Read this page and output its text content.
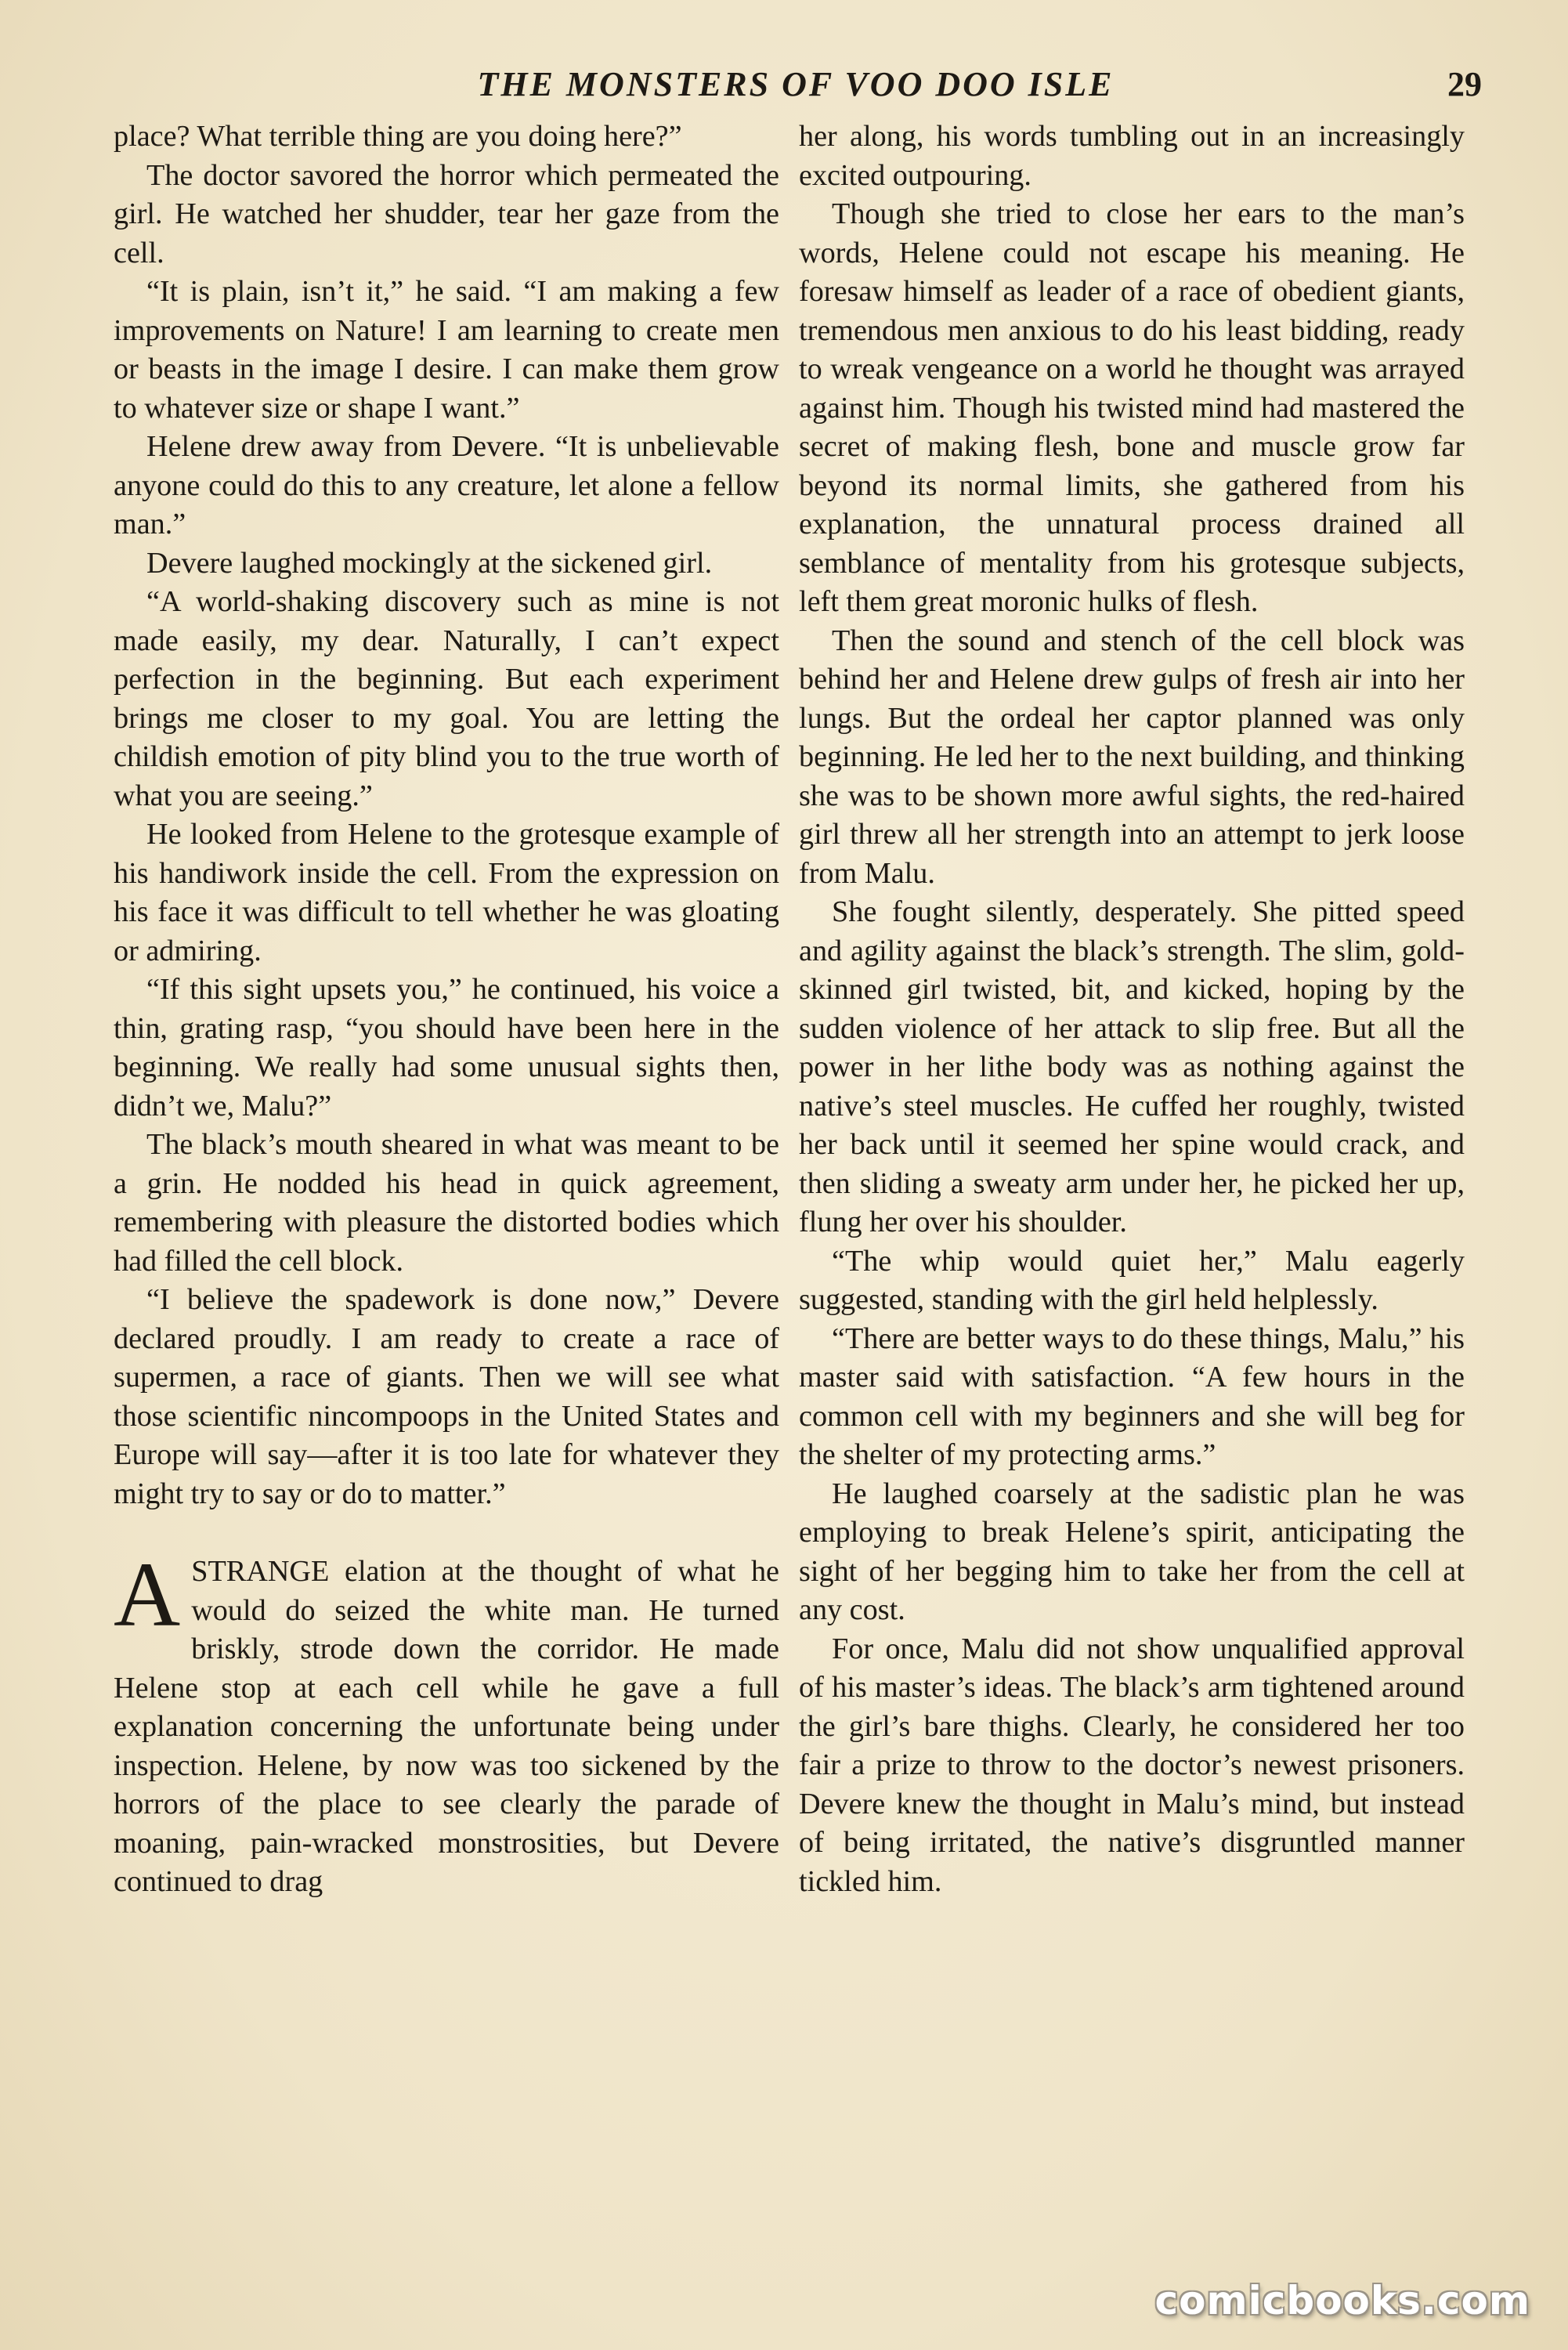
THE MONSTERS OF VOO DOO ISLE	29

place? What terrible thing are you doing here?”

The doctor savored the horror which permeated the girl. He watched her shudder, tear her gaze from the cell.

“It is plain, isn’t it,” he said. “I am making a few improvements on Nature! I am learning to create men or beasts in the image I desire. I can make them grow to whatever size or shape I want.”

Helene drew away from Devere. “It is unbelievable anyone could do this to any creature, let alone a fellow man.”

Devere laughed mockingly at the sickened girl.

“A world-shaking discovery such as mine is not made easily, my dear. Naturally, I can’t expect perfection in the beginning. But each experiment brings me closer to my goal. You are letting the childish emotion of pity blind you to the true worth of what you are seeing.”

He looked from Helene to the grotesque example of his handiwork inside the cell. From the expression on his face it was difficult to tell whether he was gloating or admiring.

“If this sight upsets you,” he continued, his voice a thin, grating rasp, “you should have been here in the beginning. We really had some unusual sights then, didn’t we, Malu?”

The black’s mouth sheared in what was meant to be a grin. He nodded his head in quick agreement, remembering with pleasure the distorted bodies which had filled the cell block.

“I believe the spadework is done now,” Devere declared proudly. I am ready to create a race of supermen, a race of giants. Then we will see what those scientific nincompoops in the United States and Europe will say—after it is too late for whatever they might try to say or do to matter.”

ASTRANGE elation at the thought of what he would do seized the white man. He turned briskly, strode down the corridor. He made Helene stop at each cell while he gave a full explanation concerning the unfortunate being under inspection. Helene, by now was too sickened by the horrors of the place to see clearly the parade of moaning, pain-wracked monstrosities, but Devere continued to drag

her along, his words tumbling out in an increasingly excited outpouring.

Though she tried to close her ears to the man’s words, Helene could not escape his meaning. He foresaw himself as leader of a race of obedient giants, tremendous men anxious to do his least bidding, ready to wreak vengeance on a world he thought was arrayed against him. Though his twisted mind had mastered the secret of making flesh, bone and muscle grow far beyond its normal limits, she gathered from his explanation, the unnatural process drained all semblance of mentality from his grotesque subjects, left them great moronic hulks of flesh.

Then the sound and stench of the cell block was behind her and Helene drew gulps of fresh air into her lungs. But the ordeal her captor planned was only beginning. He led her to the next building, and thinking she was to be shown more awful sights, the red-haired girl threw all her strength into an attempt to jerk loose from Malu.

She fought silently, desperately. She pitted speed and agility against the black’s strength. The slim, gold-skinned girl twisted, bit, and kicked, hoping by the sudden violence of her attack to slip free. But all the power in her lithe body was as nothing against the native’s steel muscles. He cuffed her roughly, twisted her back until it seemed her spine would crack, and then sliding a sweaty arm under her, he picked her up, flung her over his shoulder.

“The whip would quiet her,” Malu eagerly suggested, standing with the girl held helplessly.

“There are better ways to do these things, Malu,” his master said with satisfaction. “A few hours in the common cell with my beginners and she will beg for the shelter of my protecting arms.”

He laughed coarsely at the sadistic plan he was employing to break Helene’s spirit, anticipating the sight of her begging him to take her from the cell at any cost.

For once, Malu did not show unqualified approval of his master’s ideas. The black’s arm tightened around the girl’s bare thighs. Clearly, he considered her too fair a prize to throw to the doctor’s newest prisoners. Devere knew the thought in Malu’s mind, but instead of being irritated, the native’s disgruntled manner tickled him.

comicbooks.com
